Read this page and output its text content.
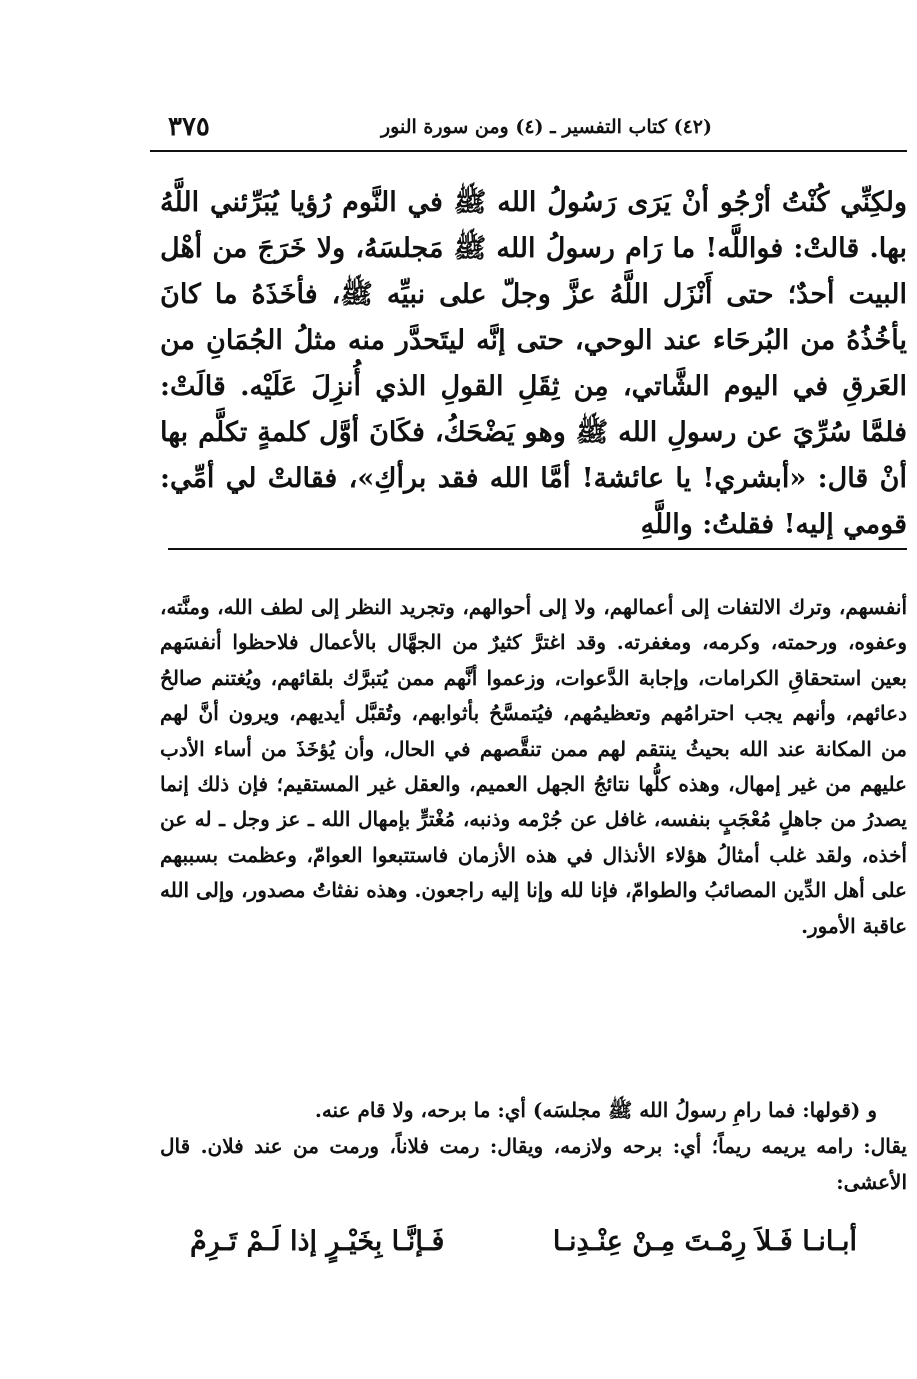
(٤٢) كتاب التفسير ـ (٤) ومن سورة النور
٣٧٥

ولكِنِّي كُنْتُ أرْجُو أنْ يَرَى رَسُولُ الله ﷺ في النَّوم رُؤيا يُبَرِّئني اللَّهُ بها. قالتْ: فواللَّه! ما رَام رسولُ الله ﷺ مَجلسَهُ، ولا خَرَجَ من أهْل البيت أحدٌ؛ حتى أَنْزَل اللَّهُ عزَّ وجلّ على نبيِّه ﷺ، فأخَذَهُ ما كانَ يأخُذُهُ من البُرحَاء عند الوحي، حتى إنَّه ليتَحدَّر منه مثلُ الجُمَانِ من العَرقِ في اليوم الشَّاتي، مِن ثِقَلِ القولِ الذي أُنزِلَ عَلَيْه. قالَتْ: فلمَّا سُرِّيَ عن رسولِ الله ﷺ وهو يَضْحَكُ، فكَانَ أوَّل كلمةٍ تكلَّم بها أنْ قال: «أبشري! يا عائشة! أمَّا الله فقد برأكِ»، فقالتْ لي أمِّي: قومي إليه! فقلتُ: واللَّهِ

أنفسهم، وترك الالتفات إلى أعمالهم، ولا إلى أحوالهم، وتجريد النظر إلى لطف الله، ومنَّته، وعفوه، ورحمته، وكرمه، ومغفرته. وقد اغترَّ كثيرٌ من الجهَّال بالأعمال فلاحظوا أنفسَهم بعين استحقاقِ الكرامات، وإجابة الدَّعوات، وزعموا أنَّهم ممن يُتبرَّك بلقائهم، ويُغتنم صالحُ دعائهم، وأنهم يجب احترامُهم وتعظيمُهم، فيُتمسَّحُ بأثوابهم، وتُقبَّل أيديهم، ويرون أنَّ لهم من المكانة عند الله بحيثُ ينتقم لهم ممن تنقَّصهم في الحال، وأن يُؤخَذَ من أساء الأدب عليهم من غير إمهال، وهذه كلُّها نتائجُ الجهل العميم، والعقل غير المستقيم؛ فإن ذلك إنما يصدرُ من جاهلٍ مُعْجَبٍ بنفسه، غافل عن جُرْمه وذنبه، مُغْترٍّ بإمهال الله ـ عز وجل ـ له عن أخذه، ولقد غلب أمثالُ هؤلاء الأنذال في هذه الأزمان فاستتبعوا العوامّ، وعظمت بسببهم على أهل الدِّين المصائبُ والطوامّ، فإنا لله وإنا إليه راجعون. وهذه نفثاتُ مصدور، وإلى الله عاقبة الأمور.

و (قولها: فما رامِ رسولُ الله ﷺ مجلسَه) أي: ما برحه، ولا قام عنه.

يقال: رامه يريمه ريماً؛ أي: برحه ولازمه، ويقال: رمت فلاناً، ورمت من عند فلان. قال الأعشى:

أبـانـا فَـلاَ رِمْـتَ مِـنْ عِنْـدِنـا
فَـإنَّـا بِخَيْـرٍ إذا لَـمْ تَـرِمْ
